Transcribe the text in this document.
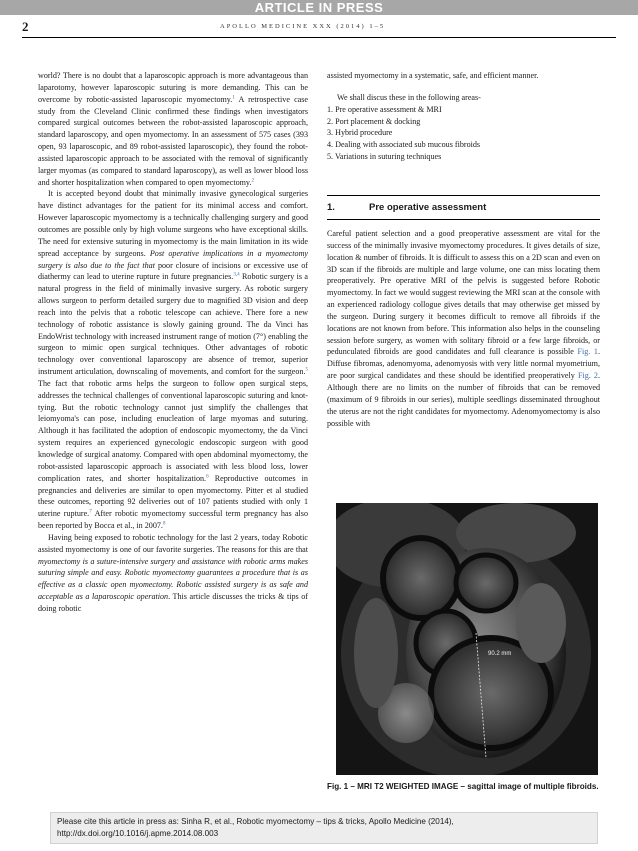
ARTICLE IN PRESS
2	APOLLO MEDICINE XXX (2014) 1–5

world? There is no doubt that a laparoscopic approach is more advantageous than laparotomy, however laparoscopic suturing is more demanding. This can be overcome by robotic-assisted laparoscopic myomectomy.$^1$ A retrospective case study from the Cleveland Clinic confirmed these findings when investigators compared surgical outcomes between the robot-assisted laparoscopic approach, standard laparoscopy, and open myomectomy. In an assessment of 575 cases (393 open, 93 laparoscopic, and 89 robot-assisted laparoscopic), they found the robot-assisted laparoscopic approach to be associated with the removal of significantly larger myomas (as compared to standard laparoscopy), as well as lower blood loss and shorter hospitalization when compared to open myomectomy.$^2$

It is accepted beyond doubt that minimally invasive gynecological surgeries have distinct advantages for the patient for its minimal access and comfort. However laparoscopic myomectomy is a technically challenging surgery and good outcomes are possible only by high volume surgeons who have exceptional skills. The need for extensive suturing in myomectomy is the main limitation in its wide spread acceptance by surgeons. Post operative implications in a myomectomy surgery is also due to the fact that poor closure of incisions or excessive use of diathermy can lead to uterine rupture in future pregnancies.$^{3,4}$ Robotic surgery is a natural progress in the field of minimally invasive surgery. As robotic surgery allows surgeon to perform detailed surgery due to magnified 3D vision and deep reach into the pelvis that a robotic telescope can achieve. There fore a new technology of robotic assistance is slowly gaining ground. The da Vinci has EndoWrist technology with increased instrument range of motion (7°) enabling the surgeon to mimic open surgical techniques. Other advantages of robotic technology over conventional laparoscopy are absence of tremor, superior instrument articulation, downscaling of movements, and comfort for the surgeon.$^5$ The fact that robotic arms helps the surgeon to follow open surgical steps, addresses the technical challenges of conventional laparoscopic suturing and knot-tying. But the robotic technology cannot just simplify the challenges that leiomyoma's can pose, including enucleation of large myomas and suturing. Although it has facilitated the adoption of endoscopic myomectomy, the da Vinci system requires an experienced gynecologic endoscopic surgeon with good knowledge of surgical anatomy. Compared with open abdominal myomectomy, the robot-assisted laparoscopic approach is associated with less blood loss, lower complication rates, and shorter hospitalization.$^6$ Reproductive outcomes in pregnancies and deliveries are similar to open myomectomy. Pitter et al studied these outcomes, reporting 92 deliveries out of 107 patients studied with only 1 uterine rupture.$^7$ After robotic myomectomy successful term pregnancy has also been reported by Bocca et al., in 2007.$^8$

Having being exposed to robotic technology for the last 2 years, today Robotic assisted myomectomy is one of our favorite surgeries. The reasons for this are that myomectomy is a suture-intensive surgery and assistance with robotic arms makes suturing simple and easy. Robotic myomectomy guarantees a procedure that is as effective as a classic open myomectomy. Robotic assisted surgery is as safe and acceptable as a laparoscopic operation. This article discusses the tricks & tips of doing robotic

assisted myomectomy in a systematic, safe, and efficient manner.

We shall discus these in the following areas-

1. Pre operative assessment & MRI
2. Port placement & docking
3. Hybrid procedure
4. Dealing with associated sub mucous fibroids
5. Variations in suturing techniques
1.	Pre operative assessment

Careful patient selection and a good preoperative assessment are vital for the success of the minimally invasive myomectomy procedures. It gives details of size, location & number of fibroids. It is difficult to assess this on a 2D scan and even on 3D scan if the fibroids are multiple and large volume, one can miss locating them preoperatively. Pre operative MRI of the pelvis is suggested before Robotic myomectomy. In fact we would suggest reviewing the MRI scan at the console with an experienced radiology collogue gives details that may otherwise get missed by the surgeon. During surgery it becomes difficult to remove all fibroids if the locations are not known from before. This information also helps in the counseling session before surgery, as women with solitary fibroid or a few large fibroids, or pedunculated fibroids are good candidates and full clearance is possible Fig. 1. Diffuse fibromas, adenomyoma, adenomyosis with very little normal myometrium, are poor surgical candidates and these should be identified preoperatively Fig. 2. Although there are no limits on the number of fibroids that can be removed (maximum of 9 fibroids in our series), multiple seedlings disseminated throughout the uterus are not the right candidates for myomectomy. Adenomyomectomy is also possible with

90.2 mm
Fig. 1 – MRI T2 WEIGHTED IMAGE – sagittal image of multiple fibroids.
Please cite this article in press as: Sinha R, et al., Robotic myomectomy – tips & tricks, Apollo Medicine (2014), http://dx.doi.org/10.1016/j.apme.2014.08.003
